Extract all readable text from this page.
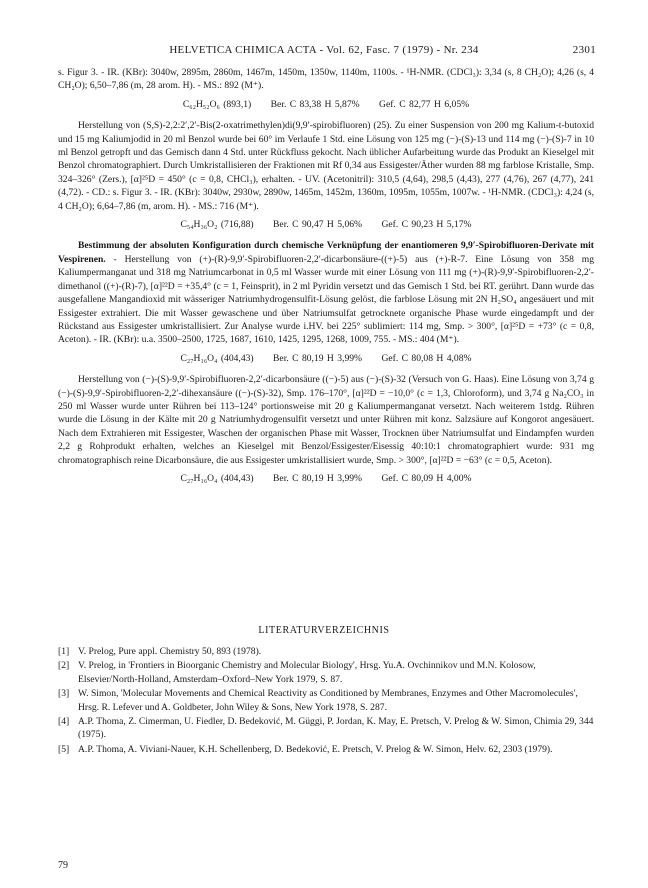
HELVETICA CHIMICA ACTA - Vol. 62, Fasc. 7 (1979) - Nr. 234	2301

s. Figur 3. - IR. (KBr): 3040w, 2895m, 2860m, 1467m, 1450m, 1350w, 1140m, 1100s. - ¹H-NMR. (CDCl₃): 3,34 (s, 8 CH₂O); 4,26 (s, 4 CH₂O); 6,50–7,86 (m, 28 arom. H). - MS.: 892 (M⁺).

C₆₂H₅₂O₆ (893,1) Ber. C 83,38 H 5,87% Gef. C 82,77 H 6,05%

Herstellung von (S,S)-2,2:2′,2′-Bis(2-oxatrimethylen)di(9,9′-spirobifluoren) (25). Zu einer Suspension von 200 mg Kalium-t-butoxid und 15 mg Kaliumjodid in 20 ml Benzol wurde bei 60° im Verlaufe 1 Std. eine Lösung von 125 mg (−)-(S)-13 und 114 mg (−)-(S)-7 in 10 ml Benzol getropft und das Gemisch dann 4 Std. unter Rückfluss gekocht. Nach üblicher Aufarbeitung wurde das Produkt an Kieselgel mit Benzol chromatographiert. Durch Umkristallisieren der Fraktionen mit Rf 0,34 aus Essigester/Äther wurden 88 mg farblose Kristalle, Smp. 324–326° (Zers.), [α]²⁵D = 450° (c = 0,8, CHCl₃), erhalten. - UV. (Acetonitril): 310,5 (4,64), 298,5 (4,43), 277 (4,76), 267 (4,77), 241 (4,72). - CD.: s. Figur 3. - IR. (KBr): 3040w, 2930w, 2890w, 1465m, 1452m, 1360m, 1095m, 1055m, 1007w. - ¹H-NMR. (CDCl₃): 4,24 (s, 4 CH₂O); 6,64–7,86 (m, arom. H). - MS.: 716 (M⁺).

C₅₄H₃₆O₂ (716,88) Ber. C 90,47 H 5,06% Gef. C 90,23 H 5,17%

Bestimmung der absoluten Konfiguration durch chemische Verknüpfung der enantiomeren 9,9′-Spirobifluoren-Derivate mit Vespirenen. - Herstellung von (+)-(R)-9,9′-Spirobifluoren-2,2′-dicarbonsäure-((+)-5) aus (+)-R-7. Eine Lösung von 358 mg Kaliumpermanganat und 318 mg Natriumcarbonat in 0,5 ml Wasser wurde mit einer Lösung von 111 mg (+)-(R)-9,9′-Spirobifluoren-2,2′-dimethanol ((+)-(R)-7), [α]²²D = +35,4° (c = 1, Feinsprit), in 2 ml Pyridin versetzt und das Gemisch 1 Std. bei RT. gerührt. Dann wurde das ausgefallene Mangandioxid mit wässeriger Natriumhydrogensulfit-Lösung gelöst, die farblose Lösung mit 2N H₂SO₄ angesäuert und mit Essigester extrahiert. Die mit Wasser gewaschene und über Natriumsulfat getrocknete organische Phase wurde eingedampft und der Rückstand aus Essigester umkristallisiert. Zur Analyse wurde i.HV. bei 225° sublimiert: 114 mg, Smp. > 300°, [α]²⁵D = +73° (c = 0,8, Aceton). - IR. (KBr): u.a. 3500–2500, 1725, 1687, 1610, 1425, 1295, 1268, 1009, 755. - MS.: 404 (M⁺).

C₂₇H₁₆O₄ (404,43) Ber. C 80,19 H 3,99% Gef. C 80,08 H 4,08%

Herstellung von (−)-(S)-9,9′-Spirobifluoren-2,2′-dicarbonsäure ((−)-5) aus (−)-(S)-32 (Versuch von G. Haas). Eine Lösung von 3,74 g (−)-(S)-9,9′-Spirobifluoren-2,2′-dihexansäure ((−)-(S)-32), Smp. 176–170°, [α]²²D = −10,0° (c = 1,3, Chloroform), und 3,74 g Na₂CO₃ in 250 ml Wasser wurde unter Rühren bei 113–124° portionsweise mit 20 g Kaliumpermanganat versetzt. Nach weiterem 1stdg. Rühren wurde die Lösung in der Kälte mit 20 g Natriumhydrogensulfit versetzt und unter Rühren mit konz. Salzsäure auf Kongorot angesäuert. Nach dem Extrahieren mit Essigester, Waschen der organischen Phase mit Wasser, Trocknen über Natriumsulfat und Eindampfen wurden 2,2 g Rohprodukt erhalten, welches an Kieselgel mit Benzol/Essigester/Eisessig 40:10:1 chromatographiert wurde: 931 mg chromatographisch reine Dicarbonsäure, die aus Essigester umkristallisiert wurde, Smp. > 300°, [α]²²D = −63° (c = 0,5, Aceton).

C₂₇H₁₆O₄ (404,43) Ber. C 80,19 H 3,99% Gef. C 80,09 H 4,00%
LITERATURVERZEICHNIS
[1] V. Prelog, Pure appl. Chemistry 50, 893 (1978).
[2] V. Prelog, in 'Frontiers in Bioorganic Chemistry and Molecular Biology', Hrsg. Yu.A. Ovchinnikov und M.N. Kolosow, Elsevier/North-Holland, Amsterdam–Oxford–New York 1979, S. 87.
[3] W. Simon, 'Molecular Movements and Chemical Reactivity as Conditioned by Membranes, Enzymes and Other Macromolecules', Hrsg. R. Lefever und A. Goldbeter, John Wiley & Sons, New York 1978, S. 287.
[4] A.P. Thoma, Z. Cimerman, U. Fiedler, D. Bedeković, M. Güggi, P. Jordan, K. May, E. Pretsch, V. Prelog & W. Simon, Chimia 29, 344 (1975).
[5] A.P. Thoma, A. Viviani-Nauer, K.H. Schellenberg, D. Bedeković, E. Pretsch, V. Prelog & W. Simon, Helv. 62, 2303 (1979).
79
